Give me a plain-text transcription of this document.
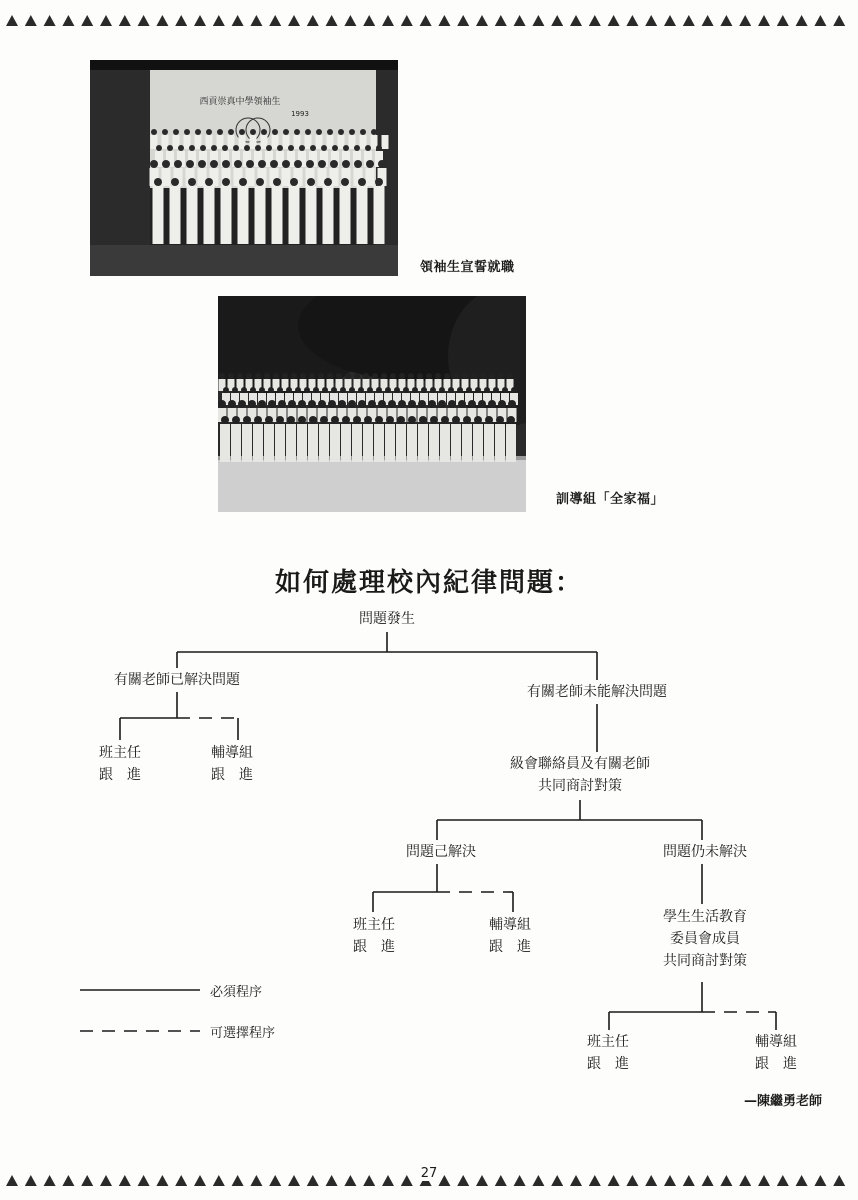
西貢崇真中學領袖生
1993
領袖生宣誓就職
訓導組「全家福」
如何處理校內紀律問題：
問題發生
有關老師已解決問題
有關老師未能解決問題
班主任
跟　進
輔導組
跟　進
級會聯絡員及有關老師
共同商討對策
問題己解決	問題仍未解決
班主任
跟　進
輔導組
跟　進
學生生活教育
委員會成員
共同商討對策
班主任
跟　進
輔導組
跟　進
必須程序
可選擇程序
—陳繼勇老師
27
